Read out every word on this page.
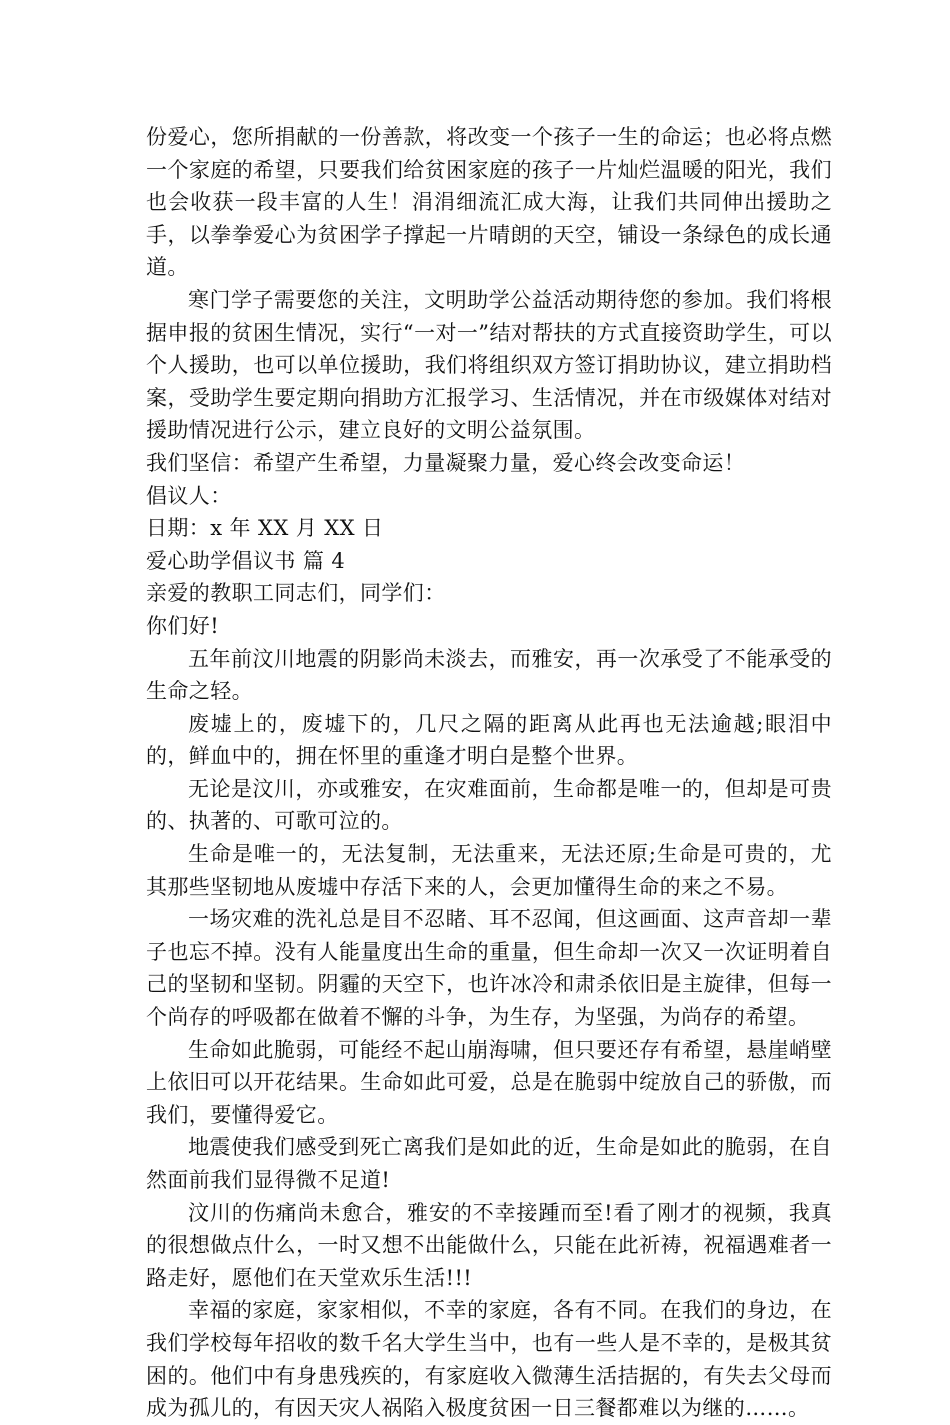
份爱心，您所捐献的一份善款，将改变一个孩子一生的命运；也必将点燃一个家庭的希望，只要我们给贫困家庭的孩子一片灿烂温暖的阳光，我们也会收获一段丰富的人生！涓涓细流汇成大海，让我们共同伸出援助之手，以拳拳爱心为贫困学子撑起一片晴朗的天空，铺设一条绿色的成长通道。

寒门学子需要您的关注，文明助学公益活动期待您的参加。我们将根据申报的贫困生情况，实行“一对一”结对帮扶的方式直接资助学生，可以个人援助，也可以单位援助，我们将组织双方签订捐助协议，建立捐助档案，受助学生要定期向捐助方汇报学习、生活情况，并在市级媒体对结对援助情况进行公示，建立良好的文明公益氛围。

我们坚信：希望产生希望，力量凝聚力量，爱心终会改变命运！

倡议人：

日期：x 年 XX 月 XX 日

爱心助学倡议书 篇 4

亲爱的教职工同志们，同学们：

你们好!

五年前汶川地震的阴影尚未淡去，而雅安，再一次承受了不能承受的生命之轻。

废墟上的，废墟下的，几尺之隔的距离从此再也无法逾越;眼泪中的，鲜血中的，拥在怀里的重逢才明白是整个世界。

无论是汶川，亦或雅安，在灾难面前，生命都是唯一的，但却是可贵的、执著的、可歌可泣的。

生命是唯一的，无法复制，无法重来，无法还原;生命是可贵的，尤其那些坚韧地从废墟中存活下来的人，会更加懂得生命的来之不易。

一场灾难的洗礼总是目不忍睹、耳不忍闻，但这画面、这声音却一辈子也忘不掉。没有人能量度出生命的重量，但生命却一次又一次证明着自己的坚韧和坚韧。阴霾的天空下，也许冰冷和肃杀依旧是主旋律，但每一个尚存的呼吸都在做着不懈的斗争，为生存，为坚强，为尚存的希望。

生命如此脆弱，可能经不起山崩海啸，但只要还存有希望，悬崖峭壁上依旧可以开花结果。生命如此可爱，总是在脆弱中绽放自己的骄傲，而我们，要懂得爱它。

地震使我们感受到死亡离我们是如此的近，生命是如此的脆弱，在自然面前我们显得微不足道!

汶川的伤痛尚未愈合，雅安的不幸接踵而至!看了刚才的视频，我真的很想做点什么，一时又想不出能做什么，只能在此祈祷，祝福遇难者一路走好，愿他们在天堂欢乐生活!!!

幸福的家庭，家家相似，不幸的家庭，各有不同。在我们的身边，在我们学校每年招收的数千名大学生当中，也有一些人是不幸的，是极其贫困的。他们中有身患残疾的，有家庭收入微薄生活拮据的，有失去父母而成为孤儿的，有因天灾人祸陷入极度贫困一日三餐都难以为继的……。
